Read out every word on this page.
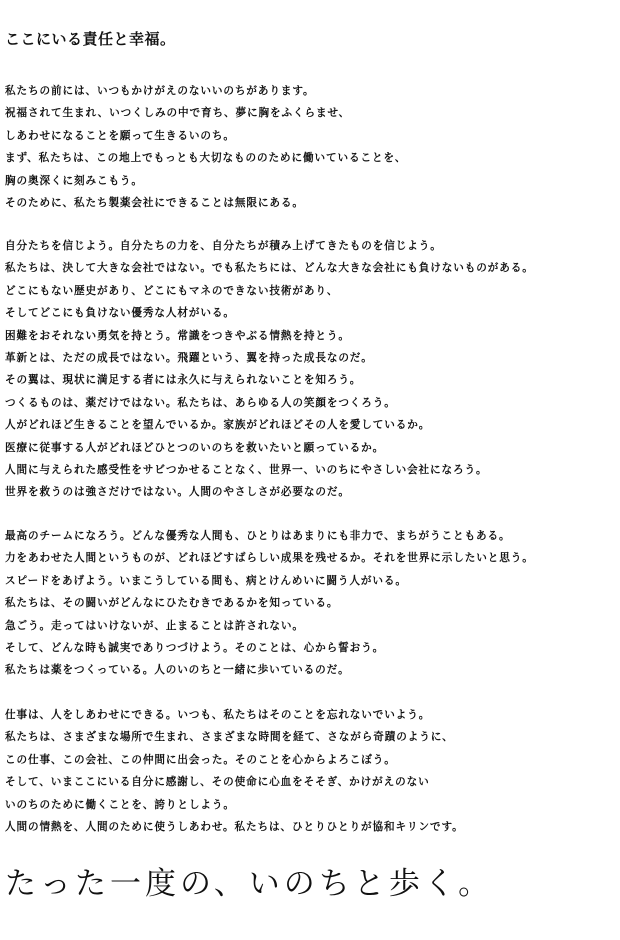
ここにいる責任と幸福。
私たちの前には、いつもかけがえのないいのちがあります。
祝福されて生まれ、いつくしみの中で育ち、夢に胸をふくらませ、
しあわせになることを願って生きるいのち。
まず、私たちは、この地上でもっとも大切なもののために働いていることを、
胸の奥深くに刻みこもう。
そのために、私たち製薬会社にできることは無限にある。
自分たちを信じよう。自分たちの力を、自分たちが積み上げてきたものを信じよう。
私たちは、決して大きな会社ではない。でも私たちには、どんな大きな会社にも負けないものがある。
どこにもない歴史があり、どこにもマネのできない技術があり、
そしてどこにも負けない優秀な人材がいる。
困難をおそれない勇気を持とう。常識をつきやぶる情熱を持とう。
革新とは、ただの成長ではない。飛躍という、翼を持った成長なのだ。
その翼は、現状に満足する者には永久に与えられないことを知ろう。
つくるものは、薬だけではない。私たちは、あらゆる人の笑顔をつくろう。
人がどれほど生きることを望んでいるか。家族がどれほどその人を愛しているか。
医療に従事する人がどれほどひとつのいのちを救いたいと願っているか。
人間に与えられた感受性をサビつかせることなく、世界一、いのちにやさしい会社になろう。
世界を救うのは強さだけではない。人間のやさしさが必要なのだ。
最高のチームになろう。どんな優秀な人間も、ひとりはあまりにも非力で、まちがうこともある。
力をあわせた人間というものが、どれほどすばらしい成果を残せるか。それを世界に示したいと思う。
スピードをあげよう。いまこうしている間も、病とけんめいに闘う人がいる。
私たちは、その闘いがどんなにひたむきであるかを知っている。
急ごう。走ってはいけないが、止まることは許されない。
そして、どんな時も誠実でありつづけよう。そのことは、心から誓おう。
私たちは薬をつくっている。人のいのちと一緒に歩いているのだ。
仕事は、人をしあわせにできる。いつも、私たちはそのことを忘れないでいよう。
私たちは、さまざまな場所で生まれ、さまざまな時間を経て、さながら奇蹟のように、
この仕事、この会社、この仲間に出会った。そのことを心からよろこぼう。
そして、いまここにいる自分に感謝し、その使命に心血をそそぎ、かけがえのない
いのちのために働くことを、誇りとしよう。
人間の情熱を、人間のために使うしあわせ。私たちは、ひとりひとりが協和キリンです。
たった一度の、いのちと歩く。
